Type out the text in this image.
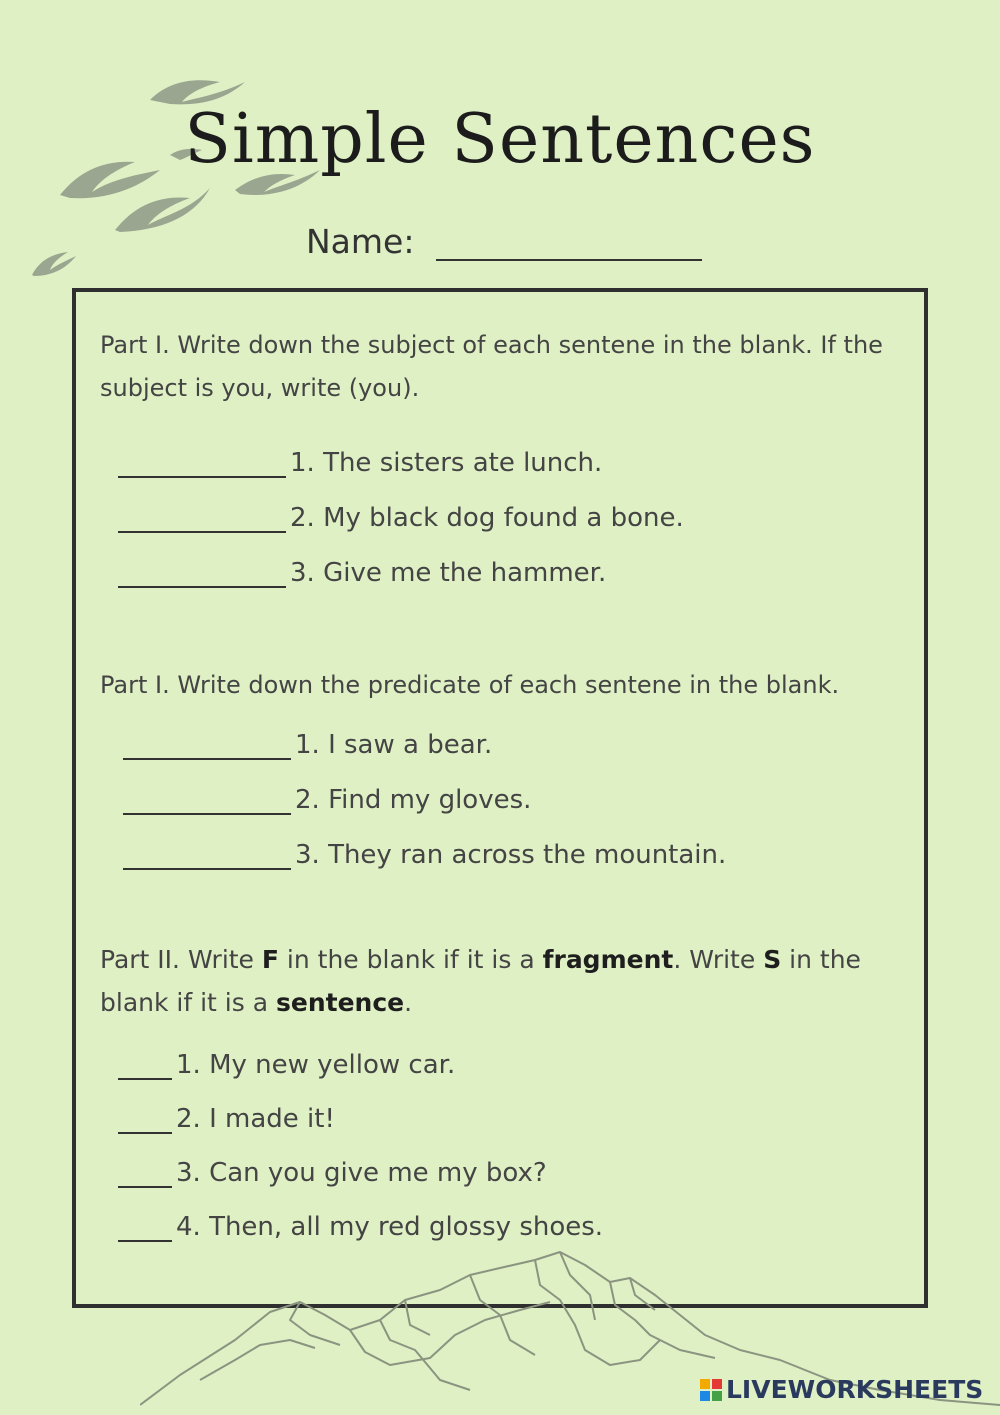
Simple Sentences
Name:
Part I. Write down the subject of each sentene in the blank. If the subject is you, write (you).
1. The sisters ate lunch.
2. My black dog found a bone.
3. Give me the hammer.
Part I. Write down the predicate of each sentene in the blank.
1. I saw a bear.
2. Find my gloves.
3. They ran across the mountain.
Part II. Write F in the blank if it is a fragment. Write S in the blank if it is a sentence.
1. My new yellow car.
2. I made it!
3. Can you give me my box?
4. Then, all my red glossy shoes.
LIVEWORKSHEETS
